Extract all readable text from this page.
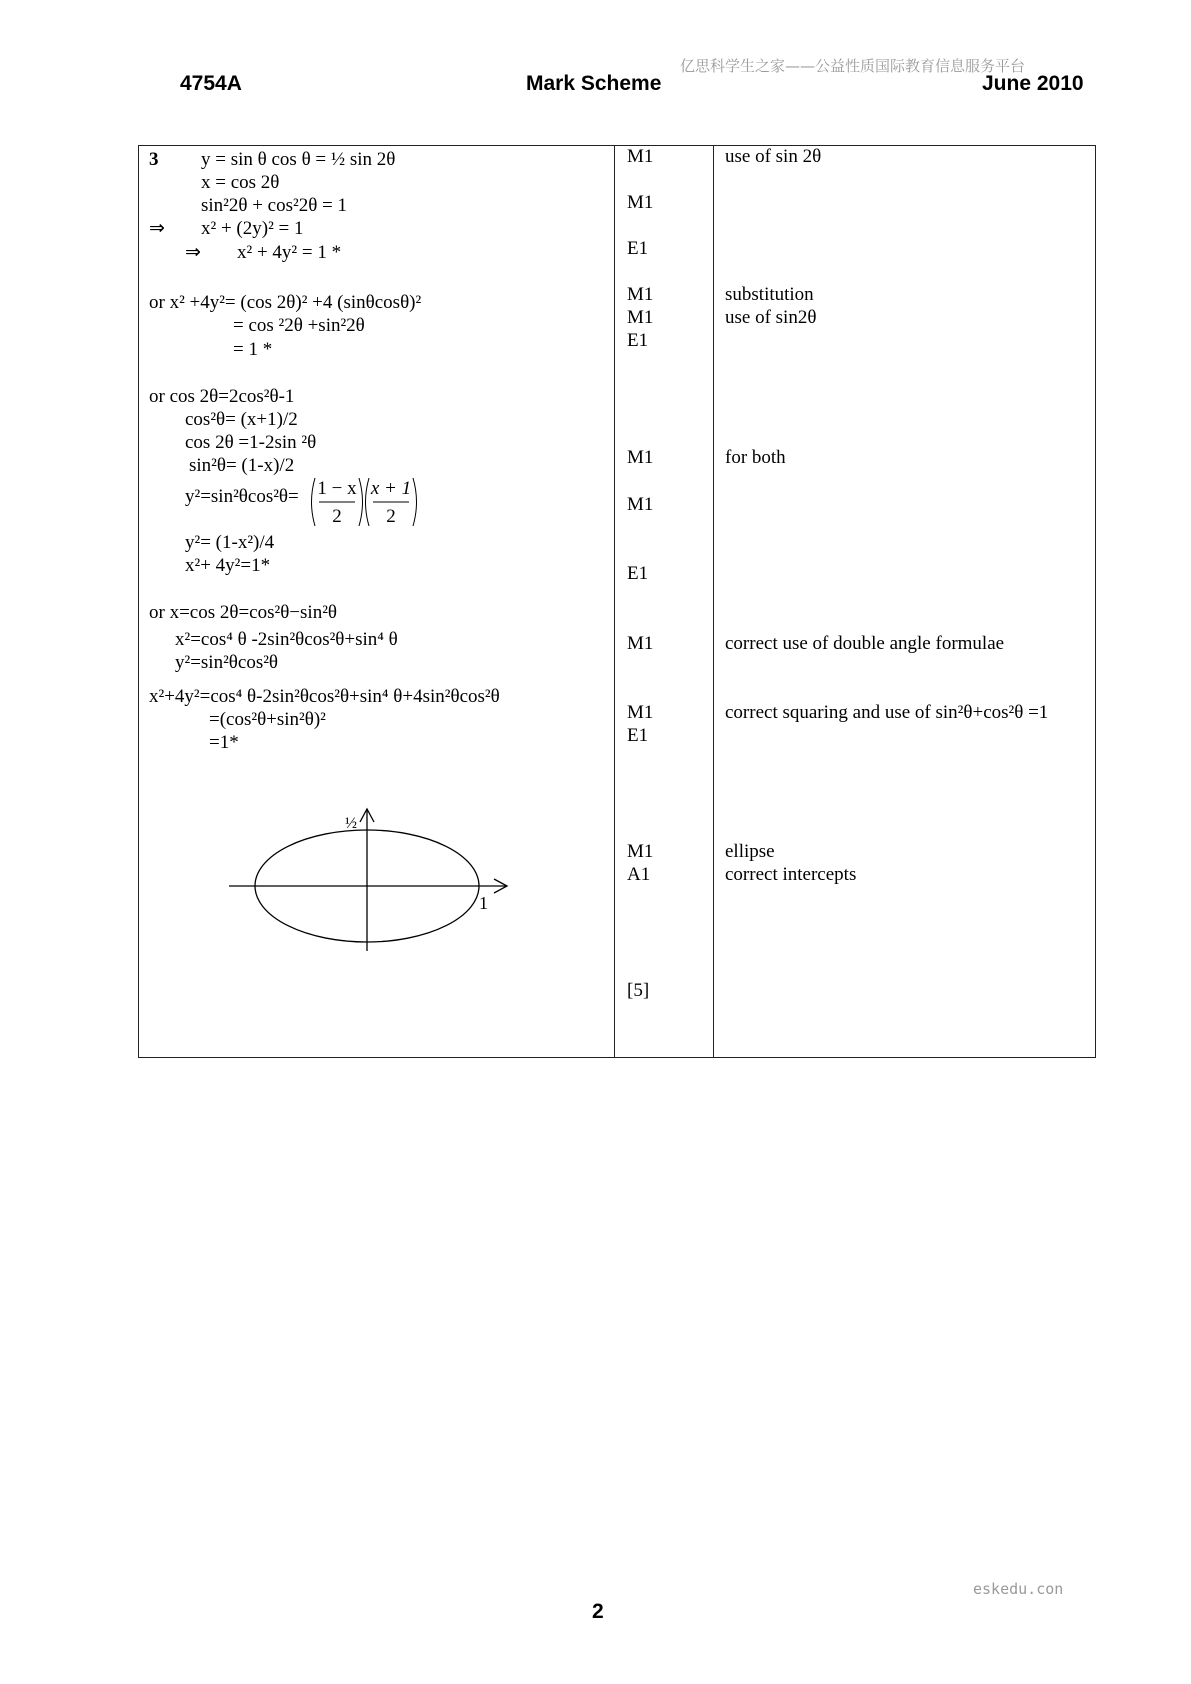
亿思科学生之家——公益性质国际教育信息服务平台
4754A	Mark Scheme	June 2010
3 y = sin θ cos θ = ½ sin 2θ
x = cos 2θ
sin²2θ + cos²2θ = 1
⇒ x² + (2y)² = 1
⇒ x² + 4y² = 1 *
or x² +4y²= (cos 2θ)² +4 (sinθcosθ)²
= cos ²2θ +sin²2θ
= 1 *
or cos 2θ=2cos²θ-1
cos²θ= (x+1)/2
cos 2θ =1-2sin ²θ
sin²θ= (1-x)/2
y²=sin²θcos²θ= 1 − x
2
x + 1
2
y²= (1-x²)/4
x²+ 4y²=1*
or x=cos 2θ=cos²θ−sin²θ
x²=cos⁴ θ -2sin²θcos²θ+sin⁴ θ
y²=sin²θcos²θ
x²+4y²=cos⁴ θ-2sin²θcos²θ+sin⁴ θ+4sin²θcos²θ
=(cos²θ+sin²θ)²
=1*
½
1
M1
M1
E1
M1
M1
E1
M1
M1
E1
M1
M1
E1
M1
A1
[5]
use of sin 2θ
substitution
use of sin2θ
for both
correct use of double angle formulae
correct squaring and use of sin²θ+cos²θ =1
ellipse
correct intercepts
eskedu.con
2
